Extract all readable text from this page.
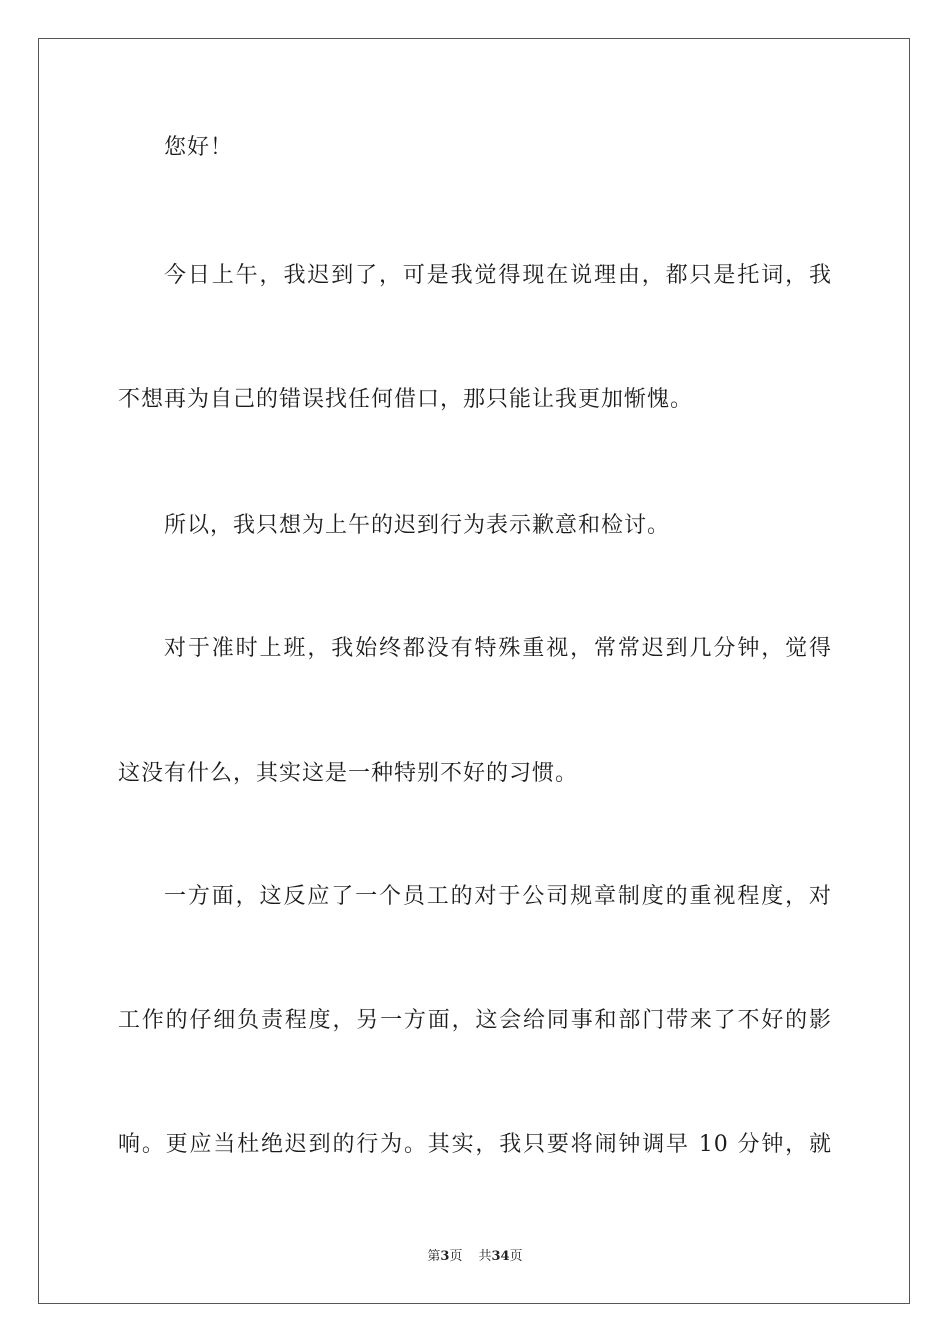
您好！
今日上午，我迟到了，可是我觉得现在说理由，都只是托词，我
不想再为自己的错误找任何借口，那只能让我更加惭愧。
所以，我只想为上午的迟到行为表示歉意和检讨。
对于准时上班，我始终都没有特殊重视，常常迟到几分钟，觉得
这没有什么，其实这是一种特别不好的习惯。
一方面，这反应了一个员工的对于公司规章制度的重视程度，对
工作的仔细负责程度，另一方面，这会给同事和部门带来了不好的影
响。更应当杜绝迟到的行为。其实，我只要将闹钟调早 10 分钟，就
第3页 共34页
